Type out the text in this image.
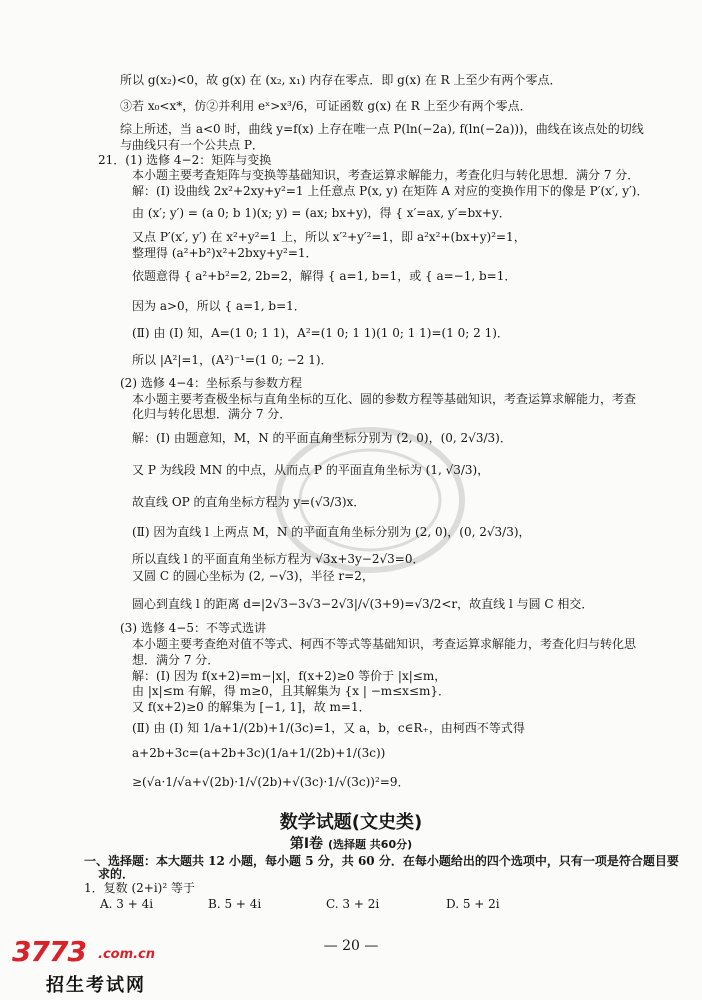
所以 g(x₂)<0，故 g(x) 在 (x₂, x₁) 内存在零点．即 g(x) 在 R 上至少有两个零点．
③若 x₀<x*，仿②并利用 eˣ>x³/6，可证函数 g(x) 在 R 上至少有两个零点．
综上所述，当 a<0 时，曲线 y=f(x) 上存在唯一点 P(ln(−2a), f(ln(−2a)))，曲线在该点处的切线
与曲线只有一个公共点 P．
21．(1) 选修 4−2：矩阵与变换
本小题主要考查矩阵与变换等基础知识，考查运算求解能力，考查化归与转化思想．满分 7 分．
解：(Ⅰ) 设曲线 2x²+2xy+y²=1 上任意点 P(x, y) 在矩阵 A 对应的变换作用下的像是 P′(x′, y′)．
由 (x′; y′) = (a 0; b 1)(x; y) = (ax; bx+y)，得 { x′=ax, y′=bx+y．
又点 P′(x′, y′) 在 x²+y²=1 上，所以 x′²+y′²=1，即 a²x²+(bx+y)²=1，
整理得 (a²+b²)x²+2bxy+y²=1．
依题意得 { a²+b²=2, 2b=2，解得 { a=1, b=1，或 { a=−1, b=1．
因为 a>0，所以 { a=1, b=1．
(Ⅱ) 由 (Ⅰ) 知，A=(1 0; 1 1)，A²=(1 0; 1 1)(1 0; 1 1)=(1 0; 2 1)．
所以 |A²|=1，(A²)⁻¹=(1 0; −2 1)．
(2) 选修 4−4：坐标系与参数方程
本小题主要考查极坐标与直角坐标的互化、圆的参数方程等基础知识，考查运算求解能力，考查
化归与转化思想．满分 7 分．
解：(Ⅰ) 由题意知，M，N 的平面直角坐标分别为 (2, 0)，(0, 2√3/3)．
又 P 为线段 MN 的中点，从而点 P 的平面直角坐标为 (1, √3/3)，
故直线 OP 的直角坐标方程为 y=(√3/3)x．
(Ⅱ) 因为直线 l 上两点 M，N 的平面直角坐标分别为 (2, 0)，(0, 2√3/3)，
所以直线 l 的平面直角坐标方程为 √3x+3y−2√3=0．
又圆 C 的圆心坐标为 (2, −√3)，半径 r=2，
圆心到直线 l 的距离 d=|2√3−3√3−2√3|/√(3+9)=√3/2<r，故直线 l 与圆 C 相交．
(3) 选修 4−5：不等式选讲
本小题主要考查绝对值不等式、柯西不等式等基础知识，考查运算求解能力，考查化归与转化思
想．满分 7 分．
解：(Ⅰ) 因为 f(x+2)=m−|x|，f(x+2)≥0 等价于 |x|≤m，
由 |x|≤m 有解，得 m≥0，且其解集为 {x | −m≤x≤m}．
又 f(x+2)≥0 的解集为 [−1, 1]，故 m=1．
(Ⅱ) 由 (Ⅰ) 知 1/a+1/(2b)+1/(3c)=1，又 a，b，c∈R₊，由柯西不等式得
a+2b+3c=(a+2b+3c)(1/a+1/(2b)+1/(3c))
≥(√a·1/√a+√(2b)·1/√(2b)+√(3c)·1/√(3c))²=9．
数学试题(文史类)
第Ⅰ卷 (选择题 共60分)
一、选择题：本大题共 12 小题，每小题 5 分，共 60 分．在每小题给出的四个选项中，只有一项是符合题目要
求的．
1．复数 (2+i)² 等于
A. 3 + 4i	B. 5 + 4i	C. 3 + 2i	D. 5 + 2i
— 20 —
3773 .com.cn
招生考试网
